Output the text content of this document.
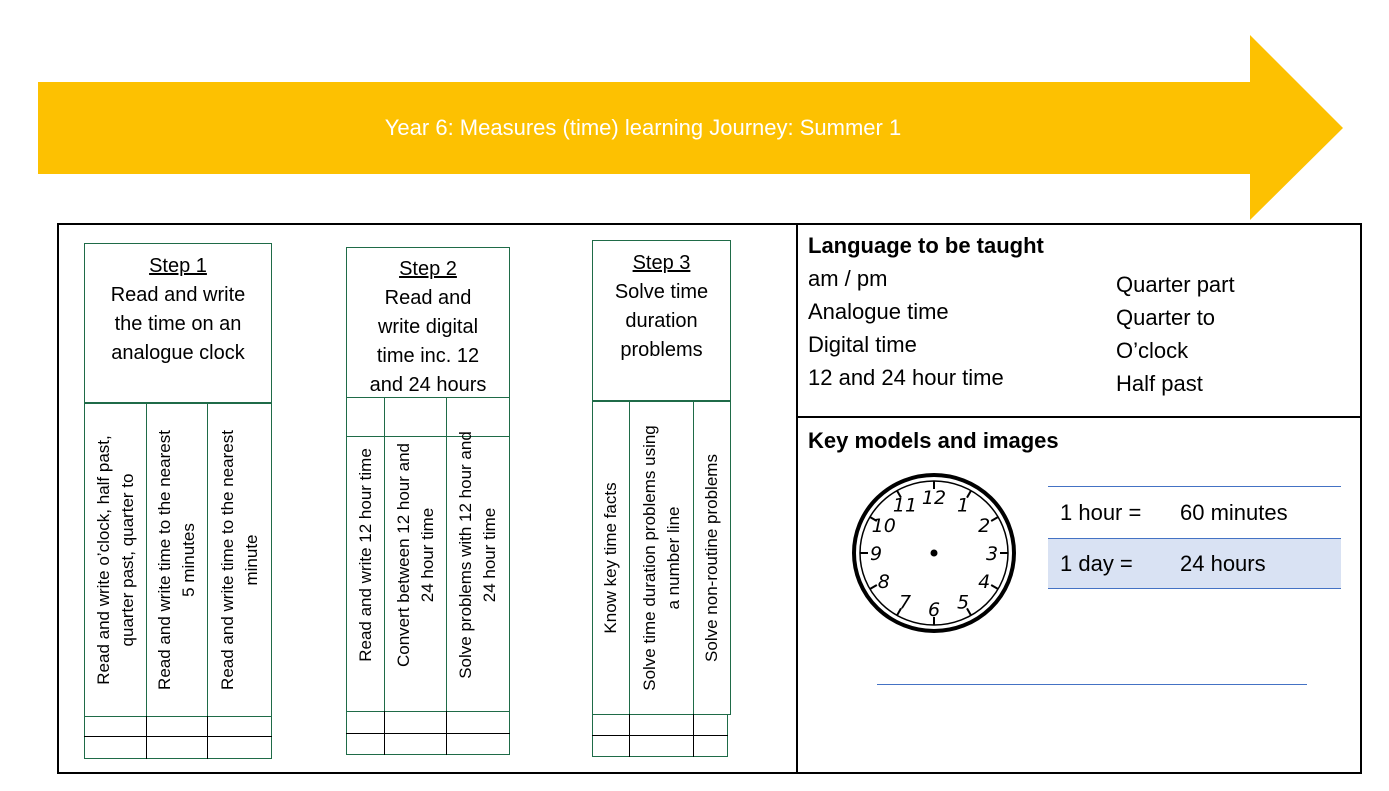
Year 6: Measures (time) learning Journey: Summer 1
Step 1
Read and write the time on an analogue clock
Read and write o’clock, half past, quarter past, quarter to Read and write time to the nearest 5 minutes Read and write time to the nearest minute
Step 2
Read and write digital time inc. 12 and 24 hours
Read and write 12 hour time Convert between 12 hour and 24 hour time Solve problems with 12 hour and 24 hour time
Step 3
Solve time duration problems
Know key time facts Solve time duration problems using a number line Solve non-routine problems
Language to be taught
am / pm
Analogue time
Digital time
12 and 24 hour time
Quarter part
Quarter to
O’clock
Half past
Key models and images
12 1
2
3
4
5
6
7
8
9
10
11	1 hour = 60 minutes
1 day = 24 hours
